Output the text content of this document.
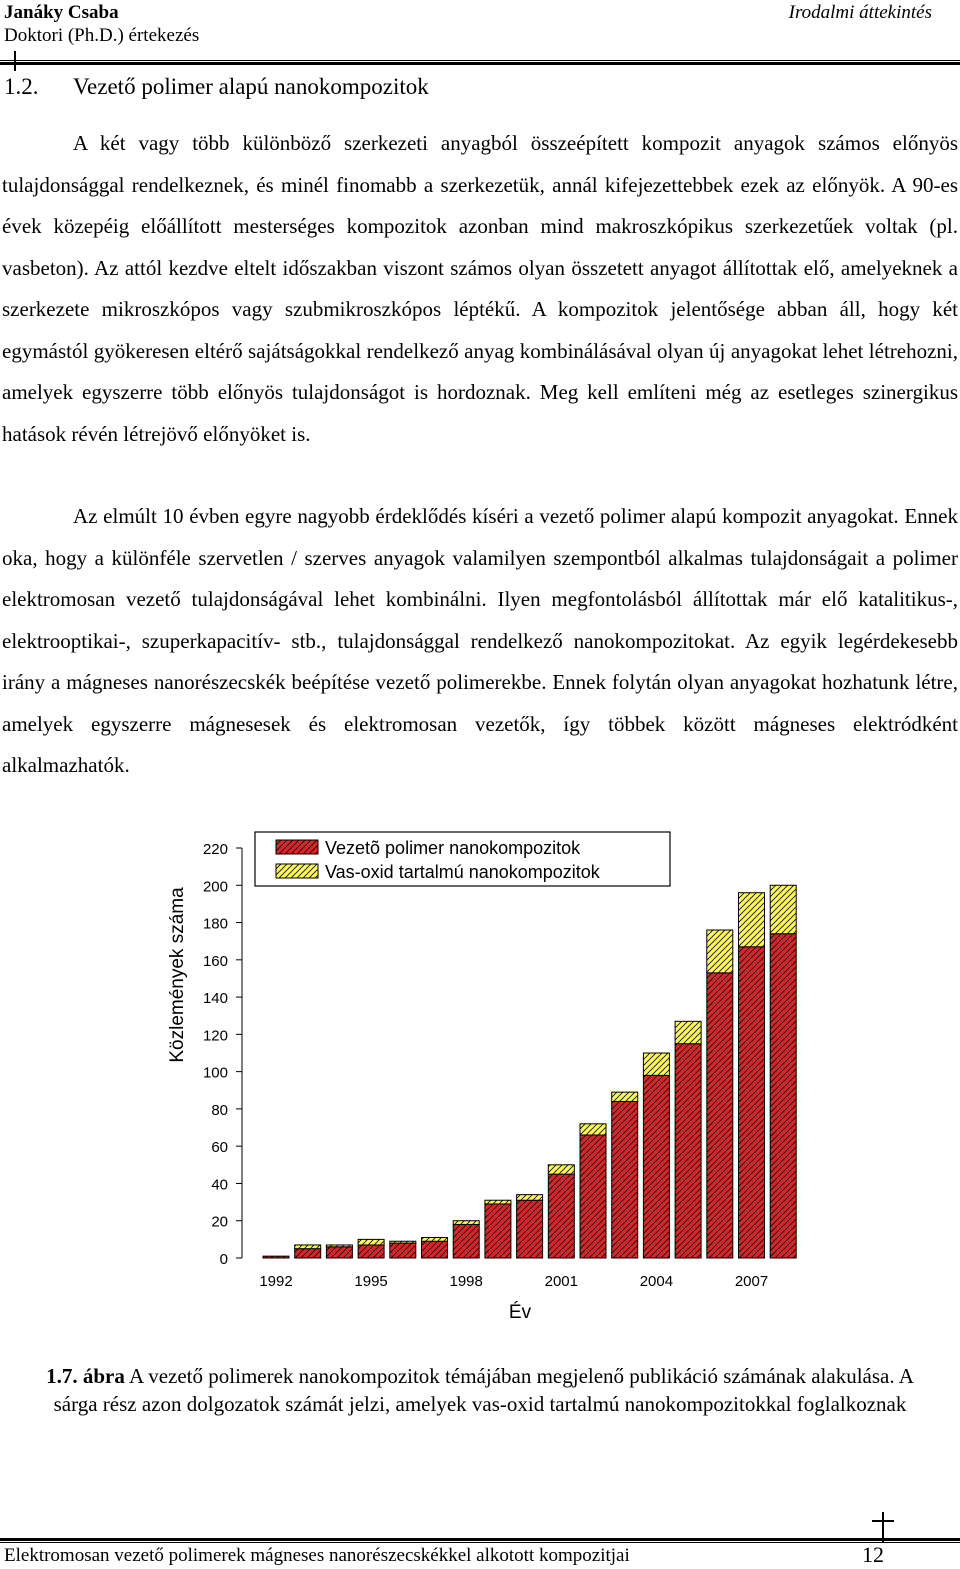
Janáky Csaba
Doktori (Ph.D.) értekezés
Irodalmi áttekintés
1.2. Vezető polimer alapú nanokompozitok
A két vagy több különböző szerkezeti anyagból összeépített kompozit anyagok számos előnyös tulajdonsággal rendelkeznek, és minél finomabb a szerkezetük, annál kifejezettebbek ezek az előnyök. A 90-es évek közepéig előállított mesterséges kompozitok azonban mind makroszkópikus szerkezetűek voltak (pl. vasbeton). Az attól kezdve eltelt időszakban viszont számos olyan összetett anyagot állítottak elő, amelyeknek a szerkezete mikroszkópos vagy szubmikroszkópos léptékű. A kompozitok jelentősége abban áll, hogy két egymástól gyökeresen eltérő sajátságokkal rendelkező anyag kombinálásával olyan új anyagokat lehet létrehozni, amelyek egyszerre több előnyös tulajdonságot is hordoznak. Meg kell említeni még az esetleges szinergikus hatások révén létrejövő előnyöket is.
Az elmúlt 10 évben egyre nagyobb érdeklődés kíséri a vezető polimer alapú kompozit anyagokat. Ennek oka, hogy a különféle szervetlen / szerves anyagok valamilyen szempontból alkalmas tulajdonságait a polimer elektromosan vezető tulajdonságával lehet kombinálni. Ilyen megfontolásból állítottak már elő katalitikus-, elektrooptikai-, szuperkapacitív- stb., tulajdonsággal rendelkező nanokompozitokat. Az egyik legérdekesebb irány a mágneses nanorészecskék beépítése vezető polimerekbe. Ennek folytán olyan anyagokat hozhatunk létre, amelyek egyszerre mágnesesek és elektromosan vezetők, így többek között mágneses elektródként alkalmazhatók.
0
20
40
60
80
100
120
140
160
180
200
220
1992	1995	1998	2001	2004	2007
Vezetõ polimer nanokompozitok
Vas-oxid tartalmú nanokompozitok
Közlemények száma
Év
1.7. ábra A vezető polimerek nanokompozitok témájában megjelenő publikáció számának alakulása. A sárga rész azon dolgozatok számát jelzi, amelyek vas-oxid tartalmú nanokompozitokkal foglalkoznak
Elektromosan vezető polimerek mágneses nanorészecskékkel alkotott kompozitjai	12
